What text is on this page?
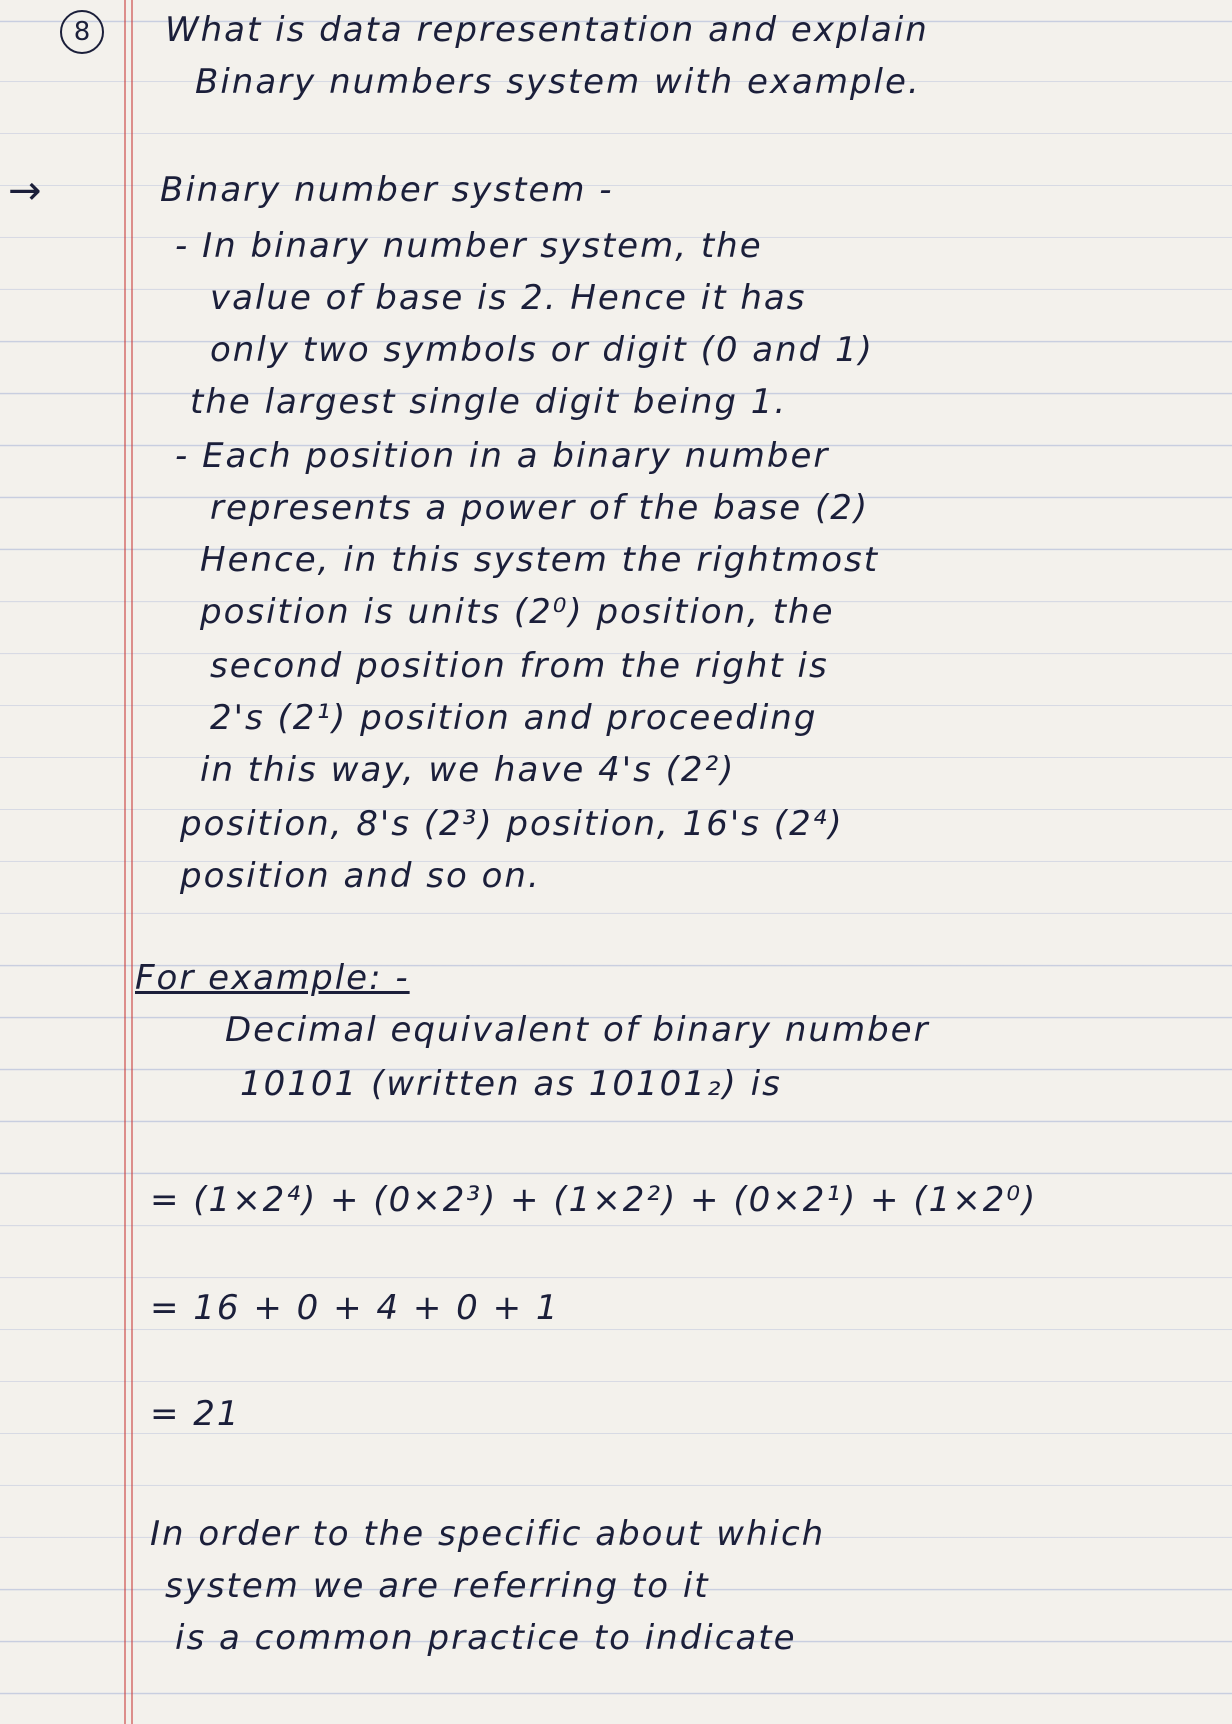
8	What is data representation and explain
Binary numbers system with example.
→	Binary number system -
- In binary number system, the
value of base is 2. Hence it has
only two symbols or digit (0 and 1)
the largest single digit being 1.
- Each position in a binary number
represents a power of the base (2)
Hence, in this system the rightmost
position is units (2⁰) position, the
second position from the right is
2's (2¹) position and proceeding
in this way, we have 4's (2²)
position, 8's (2³) position, 16's (2⁴)
position and so on.
For example: -
Decimal equivalent of binary number
10101 (written as 10101₂) is
= (1×2⁴) + (0×2³) + (1×2²) + (0×2¹) + (1×2⁰)
= 16 + 0 + 4 + 0 + 1
= 21
In order to the specific about which
system we are referring to it
is a common practice to indicate
